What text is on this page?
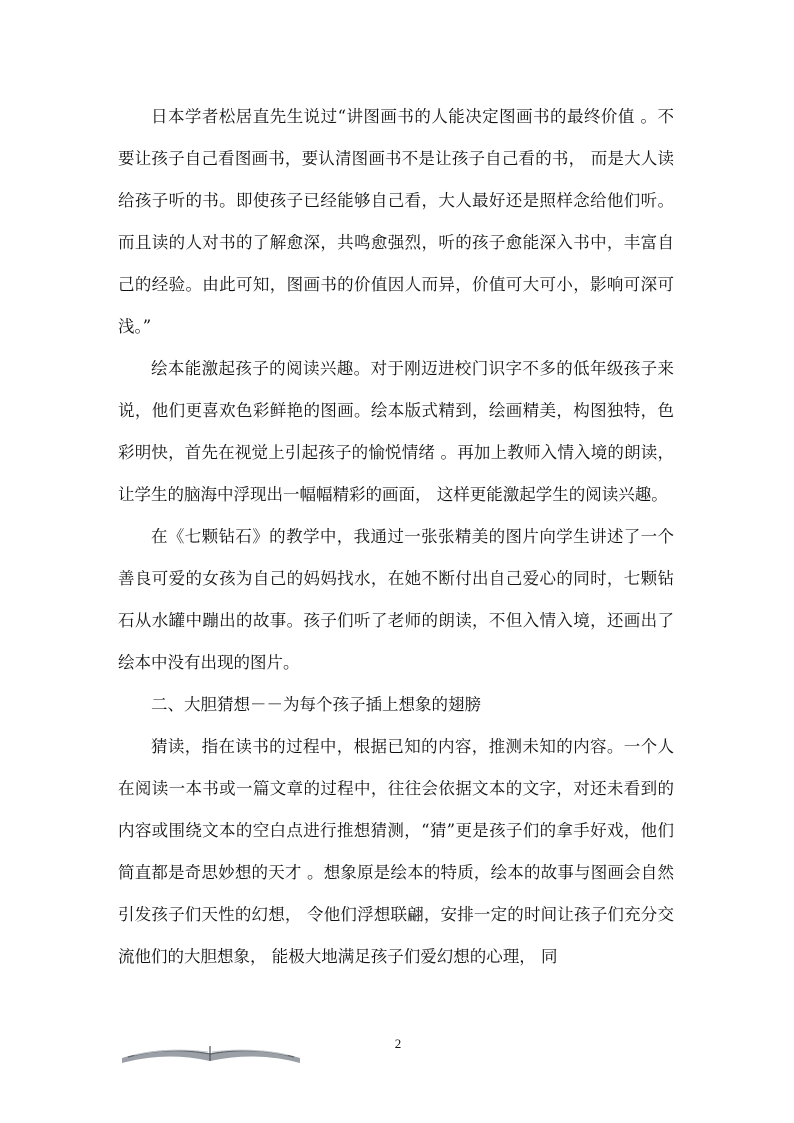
日本学者松居直先生说过“讲图画书的人能决定图画书的最终价值 。不要让孩子自己看图画书，要认清图画书不是让孩子自己看的书， 而是大人读给孩子听的书。即使孩子已经能够自己看，大人最好还是照样念给他们听。而且读的人对书的了解愈深，共鸣愈强烈，听的孩子愈能深入书中，丰富自己的经验。由此可知，图画书的价值因人而异，价值可大可小，影响可深可浅。”

绘本能激起孩子的阅读兴趣。对于刚迈进校门识字不多的低年级孩子来说，他们更喜欢色彩鲜艳的图画。绘本版式精到，绘画精美，构图独特，色彩明快，首先在视觉上引起孩子的愉悦情绪 。再加上教师入情入境的朗读，让学生的脑海中浮现出一幅幅精彩的画面， 这样更能激起学生的阅读兴趣。

在《七颗钻石》的教学中，我通过一张张精美的图片向学生讲述了一个善良可爱的女孩为自己的妈妈找水，在她不断付出自己爱心的同时，七颗钻石从水罐中蹦出的故事。孩子们听了老师的朗读，不但入情入境，还画出了绘本中没有出现的图片。

二、大胆猜想－－为每个孩子插上想象的翅膀

猜读，指在读书的过程中，根据已知的内容，推测未知的内容。一个人在阅读一本书或一篇文章的过程中，往往会依据文本的文字，对还未看到的内容或围绕文本的空白点进行推想猜测，“猜”更是孩子们的拿手好戏，他们简直都是奇思妙想的天才 。想象原是绘本的特质，绘本的故事与图画会自然引发孩子们天性的幻想， 令他们浮想联翩，安排一定的时间让孩子们充分交流他们的大胆想象， 能极大地满足孩子们爱幻想的心理， 同

2
